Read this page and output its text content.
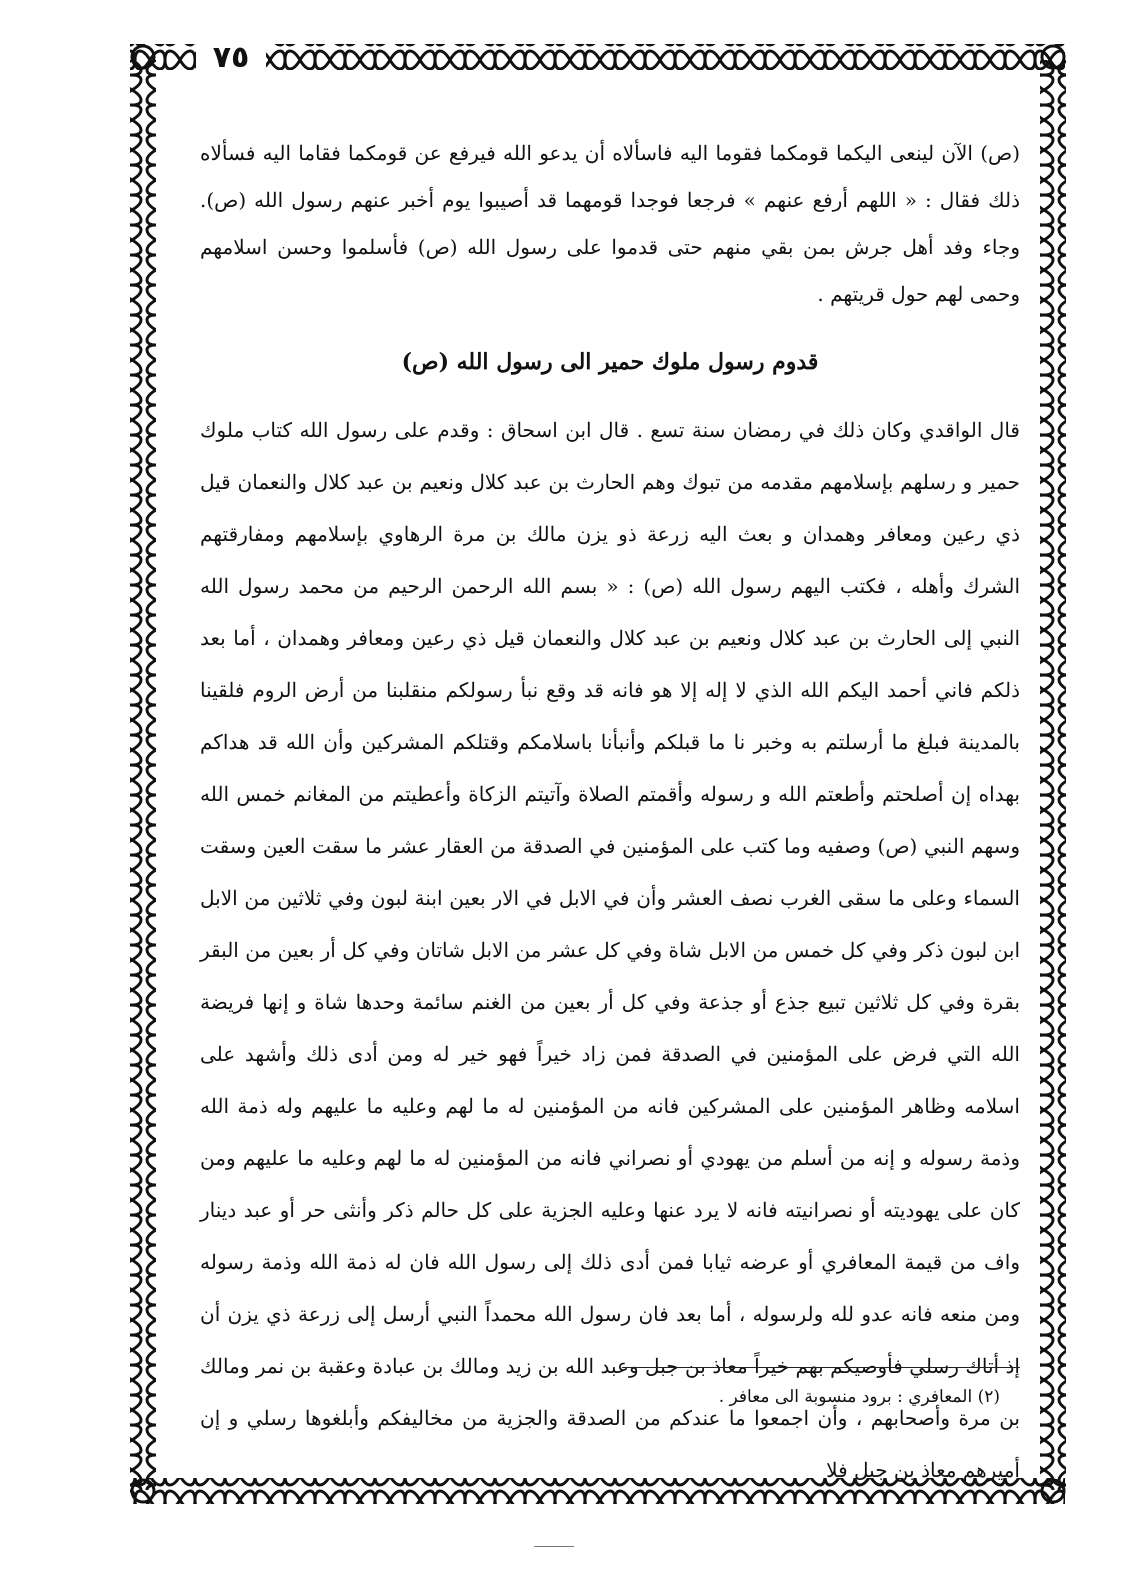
٧٥

(ص) الآن لينعى اليكما قومكما فقوما اليه فاسألاه أن يدعو الله فيرفع عن قومكما فقاما اليه فسألاه ذلك فقال : « اللهم أرفع عنهم » فرجعا فوجدا قومهما قد أصيبوا يوم أخبر عنهم رسول الله (ص). وجاء وفد أهل جرش بمن بقي منهم حتى قدموا على رسول الله (ص) فأسلموا وحسن اسلامهم وحمى لهم حول قريتهم .

قدوم رسول ملوك حمير الى رسول الله (ص)

قال الواقدي وكان ذلك في رمضان سنة تسع . قال ابن اسحاق : وقدم على رسول الله كتاب ملوك حمير و رسلهم بإسلامهم مقدمه من تبوك وهم الحارث بن عبد كلال ونعيم بن عبد كلال والنعمان قيل ذي رعين ومعافر وهمدان و بعث اليه زرعة ذو يزن مالك بن مرة الرهاوي بإسلامهم ومفارقتهم الشرك وأهله ، فكتب اليهم رسول الله (ص) : « بسم الله الرحمن الرحيم من محمد رسول الله النبي إلى الحارث بن عبد كلال ونعيم بن عبد كلال والنعمان قيل ذي رعين ومعافر وهمدان ، أما بعد ذلكم فاني أحمد اليكم الله الذي لا إله إلا هو فانه قد وقع نبأ رسولكم منقلبنا من أرض الروم فلقينا بالمدينة فبلغ ما أرسلتم به وخبر نا ما قبلكم وأنبأنا باسلامكم وقتلكم المشركين وأن الله قد هداكم بهداه إن أصلحتم وأطعتم الله و رسوله وأقمتم الصلاة وآتيتم الزكاة وأعطيتم من المغانم خمس الله وسهم النبي (ص) وصفيه وما كتب على المؤمنين في الصدقة من العقار عشر ما سقت العين وسقت السماء وعلى ما سقى الغرب نصف العشر وأن في الابل في الار بعين ابنة لبون وفي ثلاثين من الابل ابن لبون ذكر وفي كل خمس من الابل شاة وفي كل عشر من الابل شاتان وفي كل أر بعين من البقر بقرة وفي كل ثلاثين تبيع جذع أو جذعة وفي كل أر بعين من الغنم سائمة وحدها شاة و إنها فريضة الله التي فرض على المؤمنين في الصدقة فمن زاد خيراً فهو خير له ومن أدى ذلك وأشهد على اسلامه وظاهر المؤمنين على المشركين فانه من المؤمنين له ما لهم وعليه ما عليهم وله ذمة الله وذمة رسوله و إنه من أسلم من يهودي أو نصراني فانه من المؤمنين له ما لهم وعليه ما عليهم ومن كان على يهوديته أو نصرانيته فانه لا يرد عنها وعليه الجزية على كل حالم ذكر وأنثى حر أو عبد دينار واف من قيمة المعافري أو عرضه ثيابا فمن أدى ذلك إلى رسول الله فان له ذمة الله وذمة رسوله ومن منعه فانه عدو لله ولرسوله ، أما بعد فان رسول الله محمداً النبي أرسل إلى زرعة ذي يزن أن إذ أتاك رسلي فأوصيكم بهم خيراً معاذ بن جبل وعبد الله بن زيد ومالك بن عبادة وعقبة بن نمر ومالك بن مرة وأصحابهم ، وأن اجمعوا ما عندكم من الصدقة والجزية من مخاليفكم وأبلغوها رسلي و إن أميرهم معاذ بن جبل فلا

(٢) المعافري : برود منسوبة الى معافر .
